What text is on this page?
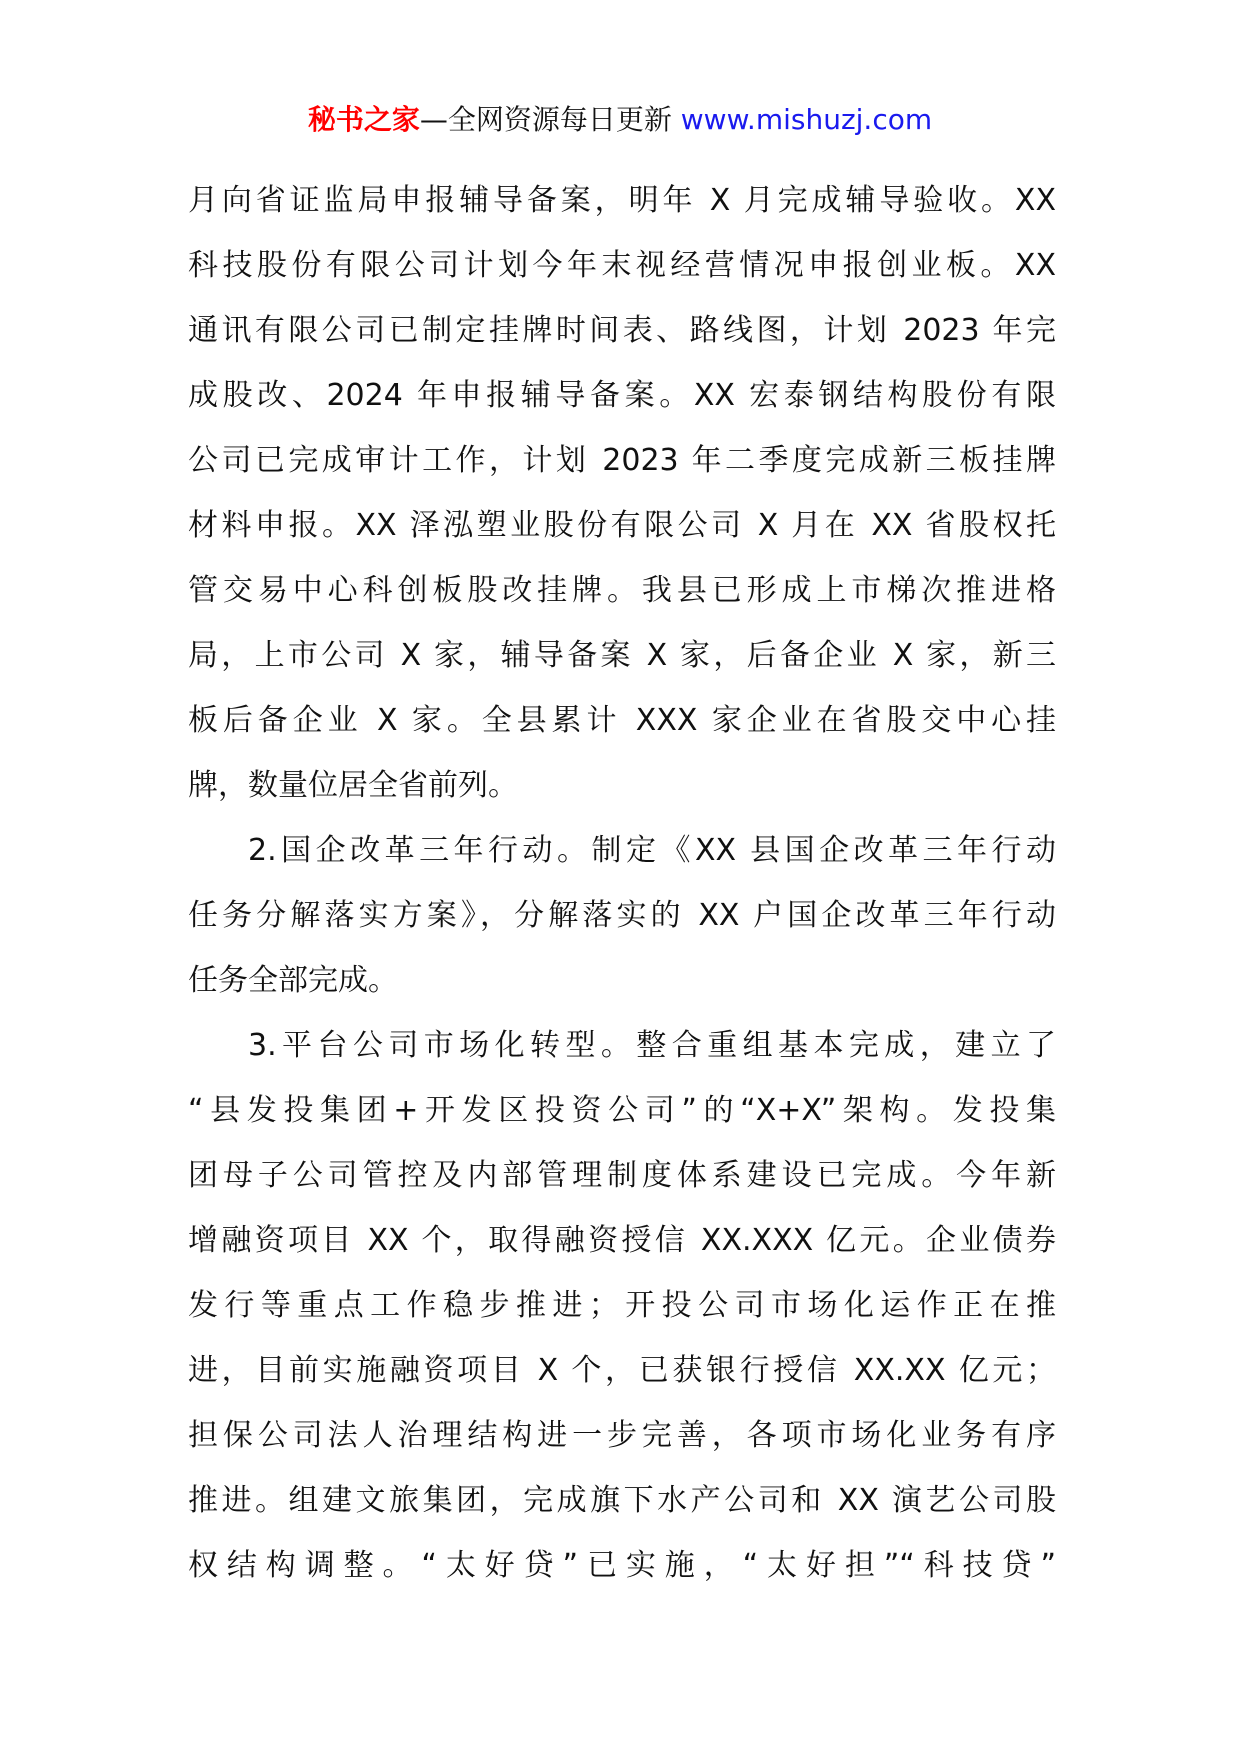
秘书之家—全网资源每日更新 www.mishuzj.com
月向省证监局申报辅导备案，明年 X 月完成辅导验收。XX
科技股份有限公司计划今年末视经营情况申报创业板。XX
通讯有限公司已制定挂牌时间表、路线图，计划 2023 年完
成股改、2024 年申报辅导备案。XX 宏泰钢结构股份有限
公司已完成审计工作，计划 2023 年二季度完成新三板挂牌
材料申报。XX 泽泓塑业股份有限公司 X 月在 XX 省股权托
管交易中心科创板股改挂牌。我县已形成上市梯次推进格
局，上市公司 X 家，辅导备案 X 家，后备企业 X 家，新三
板后备企业 X 家。全县累计 XXX 家企业在省股交中心挂
牌，数量位居全省前列。
2.国企改革三年行动。制定《XX 县国企改革三年行动
任务分解落实方案》，分解落实的 XX 户国企改革三年行动
任务全部完成。
3.平台公司市场化转型。整合重组基本完成，建立了
“县发投集团+开发区投资公司”的“X+X”架构。发投集
团母子公司管控及内部管理制度体系建设已完成。今年新
增融资项目 XX 个，取得融资授信 XX.XXX 亿元。企业债券
发行等重点工作稳步推进；开投公司市场化运作正在推
进，目前实施融资项目 X 个，已获银行授信 XX.XX 亿元；
担保公司法人治理结构进一步完善，各项市场化业务有序
推进。组建文旅集团，完成旗下水产公司和 XX 演艺公司股
权结构调整。“太好贷”已实施，“太好担”“科技贷”
